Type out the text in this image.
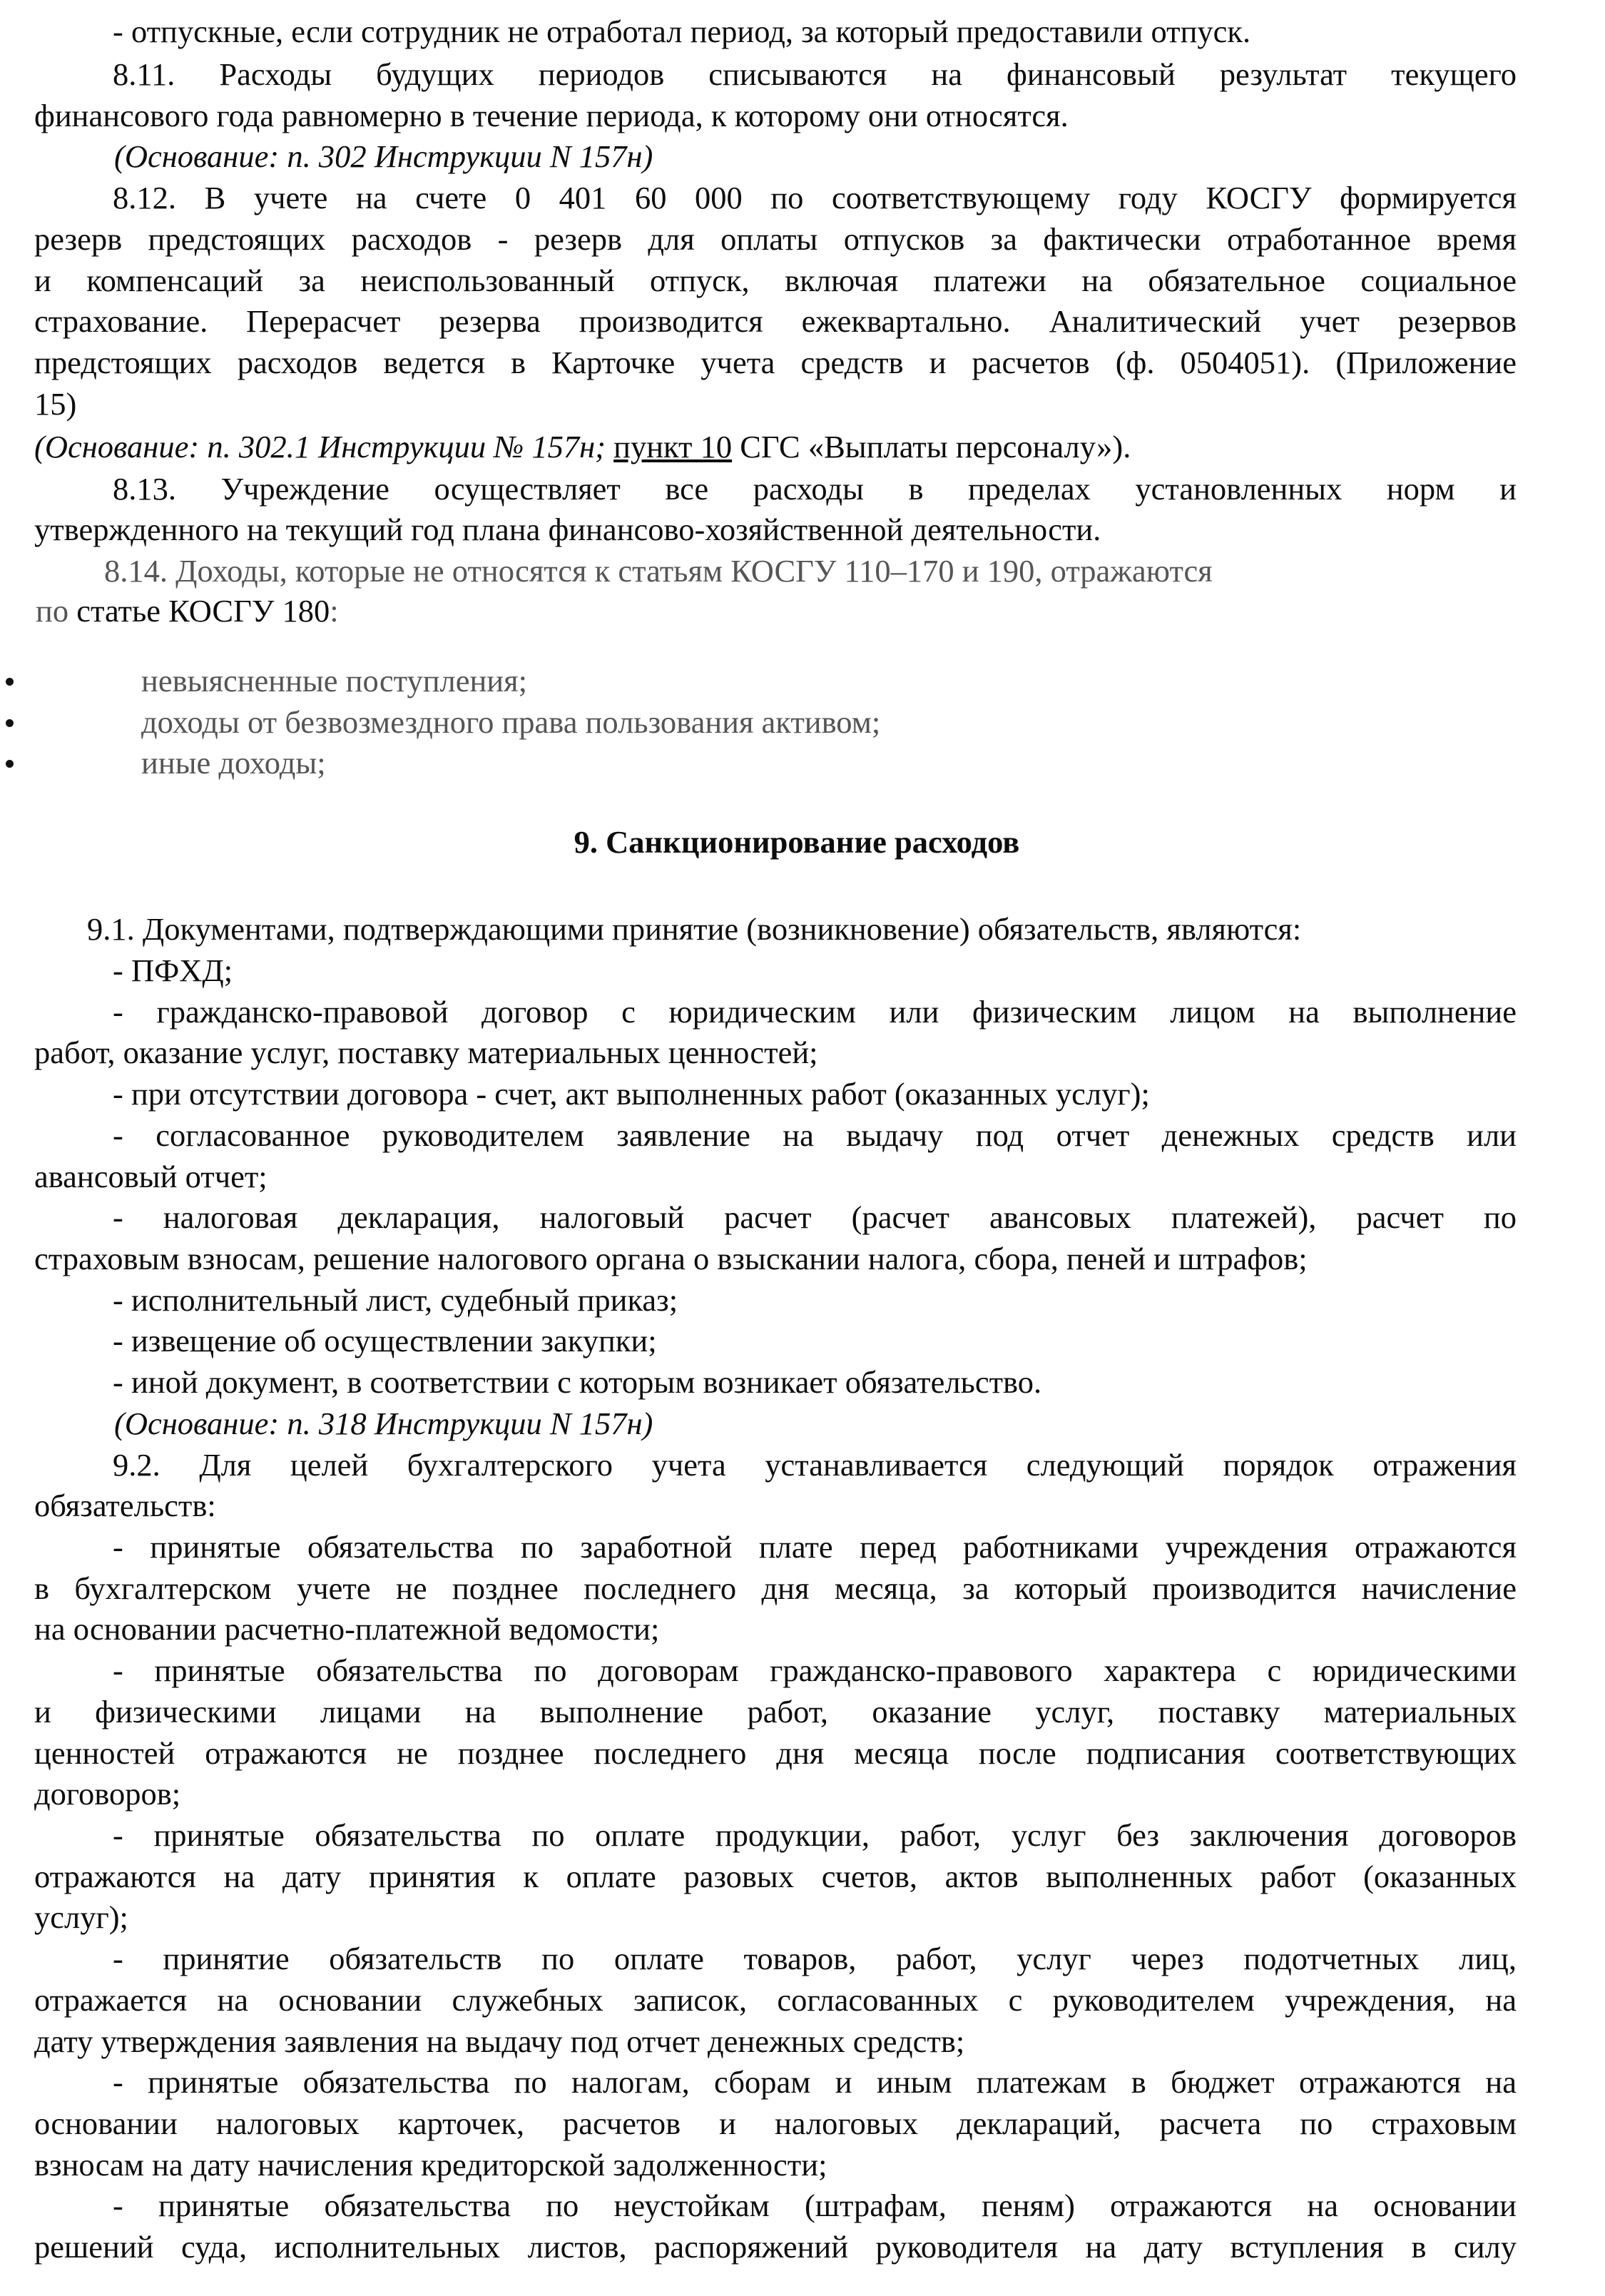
- отпускные, если сотрудник не отработал период, за который предоставили отпуск.
8.11. Расходы будущих периодов списываются на финансовый результат текущего
финансового года равномерно в течение периода, к которому они относятся.
(Основание: п. 302 Инструкции N 157н)
8.12. В учете на счете 0 401 60 000 по соответствующему году КОСГУ формируется
резерв предстоящих расходов - резерв для оплаты отпусков за фактически отработанное время
и компенсаций за неиспользованный отпуск, включая платежи на обязательное социальное
страхование. Перерасчет резерва производится ежеквартально. Аналитический учет резервов
предстоящих расходов ведется в Карточке учета средств и расчетов (ф. 0504051). (Приложение
15)
(Основание: п. 302.1 Инструкции № 157н; пункт 10 СГС «Выплаты персоналу»).
8.13. Учреждение осуществляет все расходы в пределах установленных норм и
утвержденного на текущий год плана финансово-хозяйственной деятельности.
8.14. Доходы, которые не относятся к статьям КОСГУ 110–170 и 190, отражаются
по статье КОСГУ 180:
невыясненные поступления;
доходы от безвозмездного права пользования активом;
иные доходы;
9. Санкционирование расходов
9.1. Документами, подтверждающими принятие (возникновение) обязательств, являются:
- ПФХД;
- гражданско-правовой договор с юридическим или физическим лицом на выполнение
работ, оказание услуг, поставку материальных ценностей;
- при отсутствии договора - счет, акт выполненных работ (оказанных услуг);
- согласованное руководителем заявление на выдачу под отчет денежных средств или
авансовый отчет;
- налоговая декларация, налоговый расчет (расчет авансовых платежей), расчет по
страховым взносам, решение налогового органа о взыскании налога, сбора, пеней и штрафов;
- исполнительный лист, судебный приказ;
- извещение об осуществлении закупки;
- иной документ, в соответствии с которым возникает обязательство.
(Основание: п. 318 Инструкции N 157н)
9.2. Для целей бухгалтерского учета устанавливается следующий порядок отражения
обязательств:
- принятые обязательства по заработной плате перед работниками учреждения отражаются
в бухгалтерском учете не позднее последнего дня месяца, за который производится начисление
на основании расчетно-платежной ведомости;
- принятые обязательства по договорам гражданско-правового характера с юридическими
и физическими лицами на выполнение работ, оказание услуг, поставку материальных
ценностей отражаются не позднее последнего дня месяца после подписания соответствующих
договоров;
- принятые обязательства по оплате продукции, работ, услуг без заключения договоров
отражаются на дату принятия к оплате разовых счетов, актов выполненных работ (оказанных
услуг);
- принятие обязательств по оплате товаров, работ, услуг через подотчетных лиц,
отражается на основании служебных записок, согласованных с руководителем учреждения, на
дату утверждения заявления на выдачу под отчет денежных средств;
- принятые обязательства по налогам, сборам и иным платежам в бюджет отражаются на
основании налоговых карточек, расчетов и налоговых деклараций, расчета по страховым
взносам на дату начисления кредиторской задолженности;
- принятые обязательства по неустойкам (штрафам, пеням) отражаются на основании
решений суда, исполнительных листов, распоряжений руководителя на дату вступления в силу
